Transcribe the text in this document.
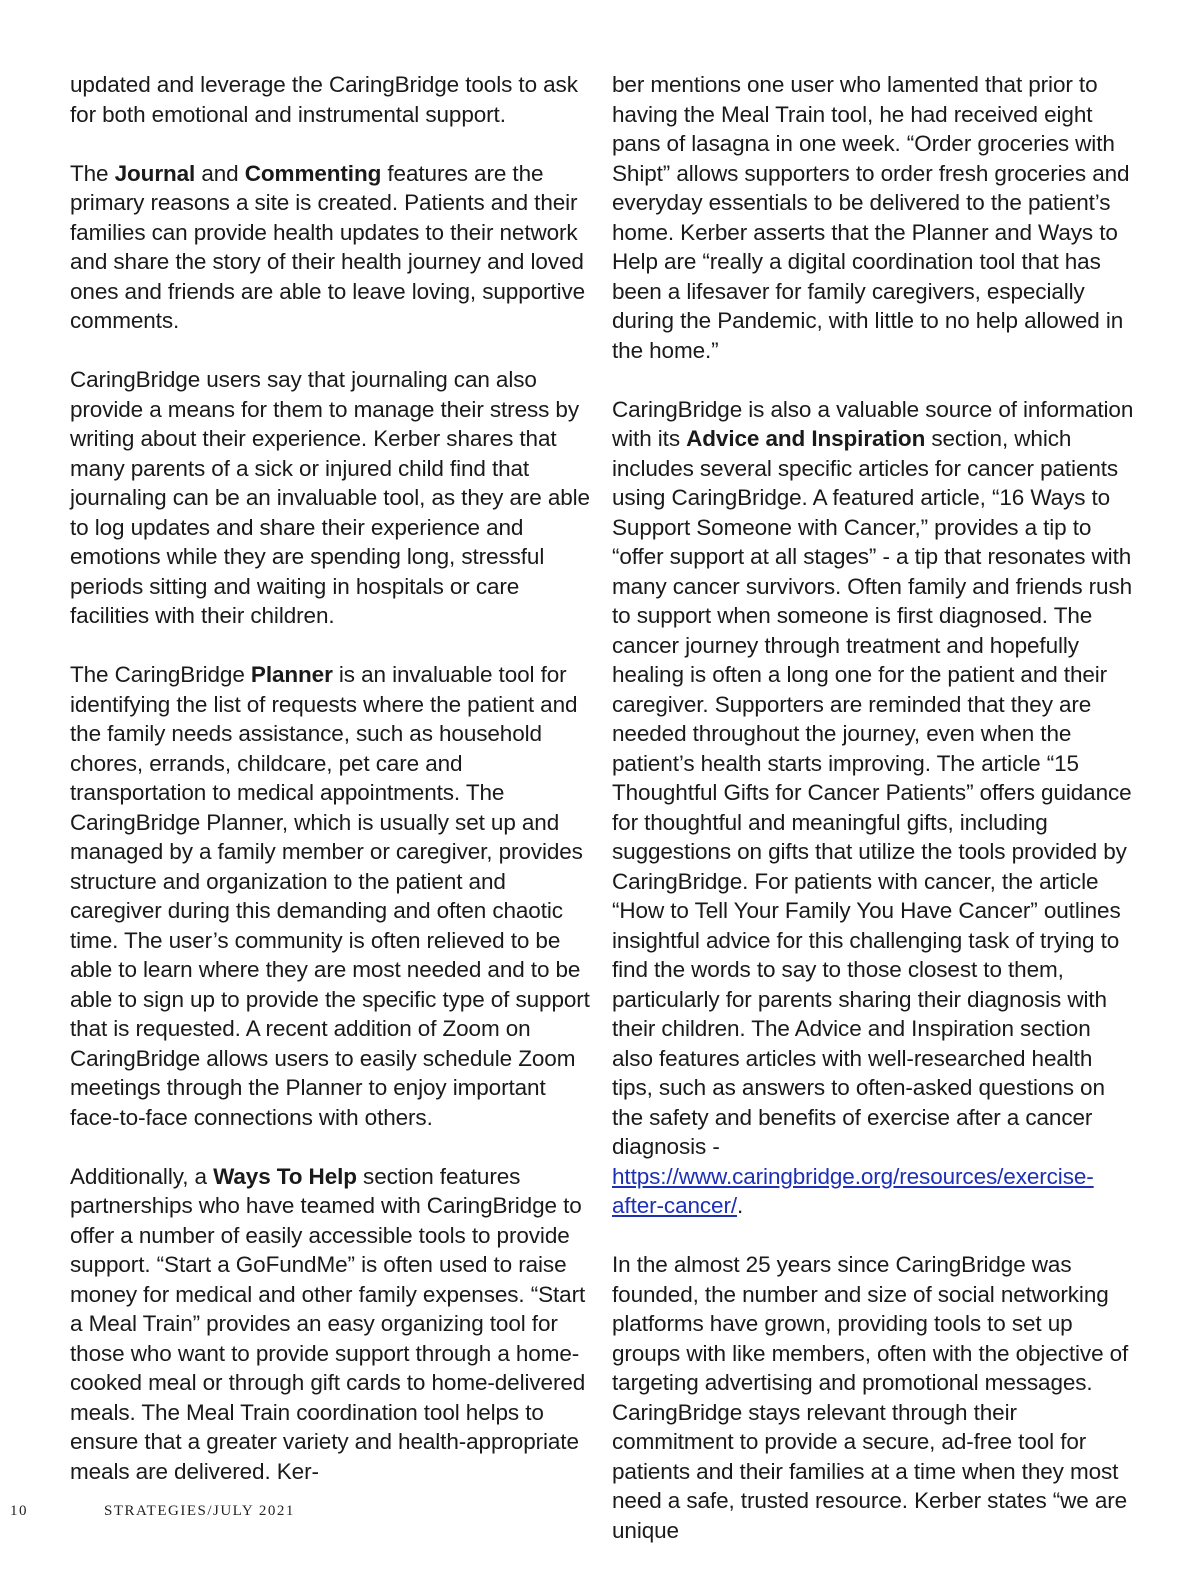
updated and leverage the CaringBridge tools to ask for both emotional and instrumental support.

The Journal and Commenting features are the primary reasons a site is created. Patients and their families can provide health updates to their network and share the story of their health journey and loved ones and friends are able to leave loving, supportive comments.

CaringBridge users say that journaling can also provide a means for them to manage their stress by writing about their experience. Kerber shares that many parents of a sick or injured child find that journaling can be an invaluable tool, as they are able to log updates and share their experience and emotions while they are spending long, stressful periods sitting and waiting in hospitals or care facilities with their children.

The CaringBridge Planner is an invaluable tool for identifying the list of requests where the patient and the family needs assistance, such as household chores, errands, childcare, pet care and transportation to medical appointments. The CaringBridge Planner, which is usually set up and managed by a family member or caregiver, provides structure and organization to the patient and caregiver during this demanding and often chaotic time. The user’s community is often relieved to be able to learn where they are most needed and to be able to sign up to provide the specific type of support that is requested. A recent addition of Zoom on CaringBridge allows users to easily schedule Zoom meetings through the Planner to enjoy important face-to-face connections with others.

Additionally, a Ways To Help section features partnerships who have teamed with CaringBridge to offer a number of easily accessible tools to provide support. “Start a GoFundMe” is often used to raise money for medical and other family expenses. “Start a Meal Train” provides an easy organizing tool for those who want to provide support through a home-cooked meal or through gift cards to home-delivered meals. The Meal Train coordination tool helps to ensure that a greater variety and health-appropriate meals are delivered. Ker-

ber mentions one user who lamented that prior to having the Meal Train tool, he had received eight pans of lasagna in one week. “Order groceries with Shipt” allows supporters to order fresh groceries and everyday essentials to be delivered to the patient’s home. Kerber asserts that the Planner and Ways to Help are “really a digital coordination tool that has been a lifesaver for family caregivers, especially during the Pandemic, with little to no help allowed in the home.”

CaringBridge is also a valuable source of information with its Advice and Inspiration section, which includes several specific articles for cancer patients using CaringBridge. A featured article, “16 Ways to Support Someone with Cancer,” provides a tip to “offer support at all stages” - a tip that resonates with many cancer survivors. Often family and friends rush to support when someone is first diagnosed. The cancer journey through treatment and hopefully healing is often a long one for the patient and their caregiver. Supporters are reminded that they are needed throughout the journey, even when the patient’s health starts improving. The article “15 Thoughtful Gifts for Cancer Patients” offers guidance for thoughtful and meaningful gifts, including suggestions on gifts that utilize the tools provided by CaringBridge. For patients with cancer, the article “How to Tell Your Family You Have Cancer” outlines insightful advice for this challenging task of trying to find the words to say to those closest to them, particularly for parents sharing their diagnosis with their children. The Advice and Inspiration section also features articles with well-researched health tips, such as answers to often-asked questions on the safety and benefits of exercise after a cancer diagnosis - https://www.caringbridge.org/resources/exercise-after-cancer/.

In the almost 25 years since CaringBridge was founded, the number and size of social networking platforms have grown, providing tools to set up groups with like members, often with the objective of targeting advertising and promotional messages. CaringBridge stays relevant through their commitment to provide a secure, ad-free tool for patients and their families at a time when they most need a safe, trusted resource. Kerber states “we are unique

10	STRATEGIES/JULY 2021
